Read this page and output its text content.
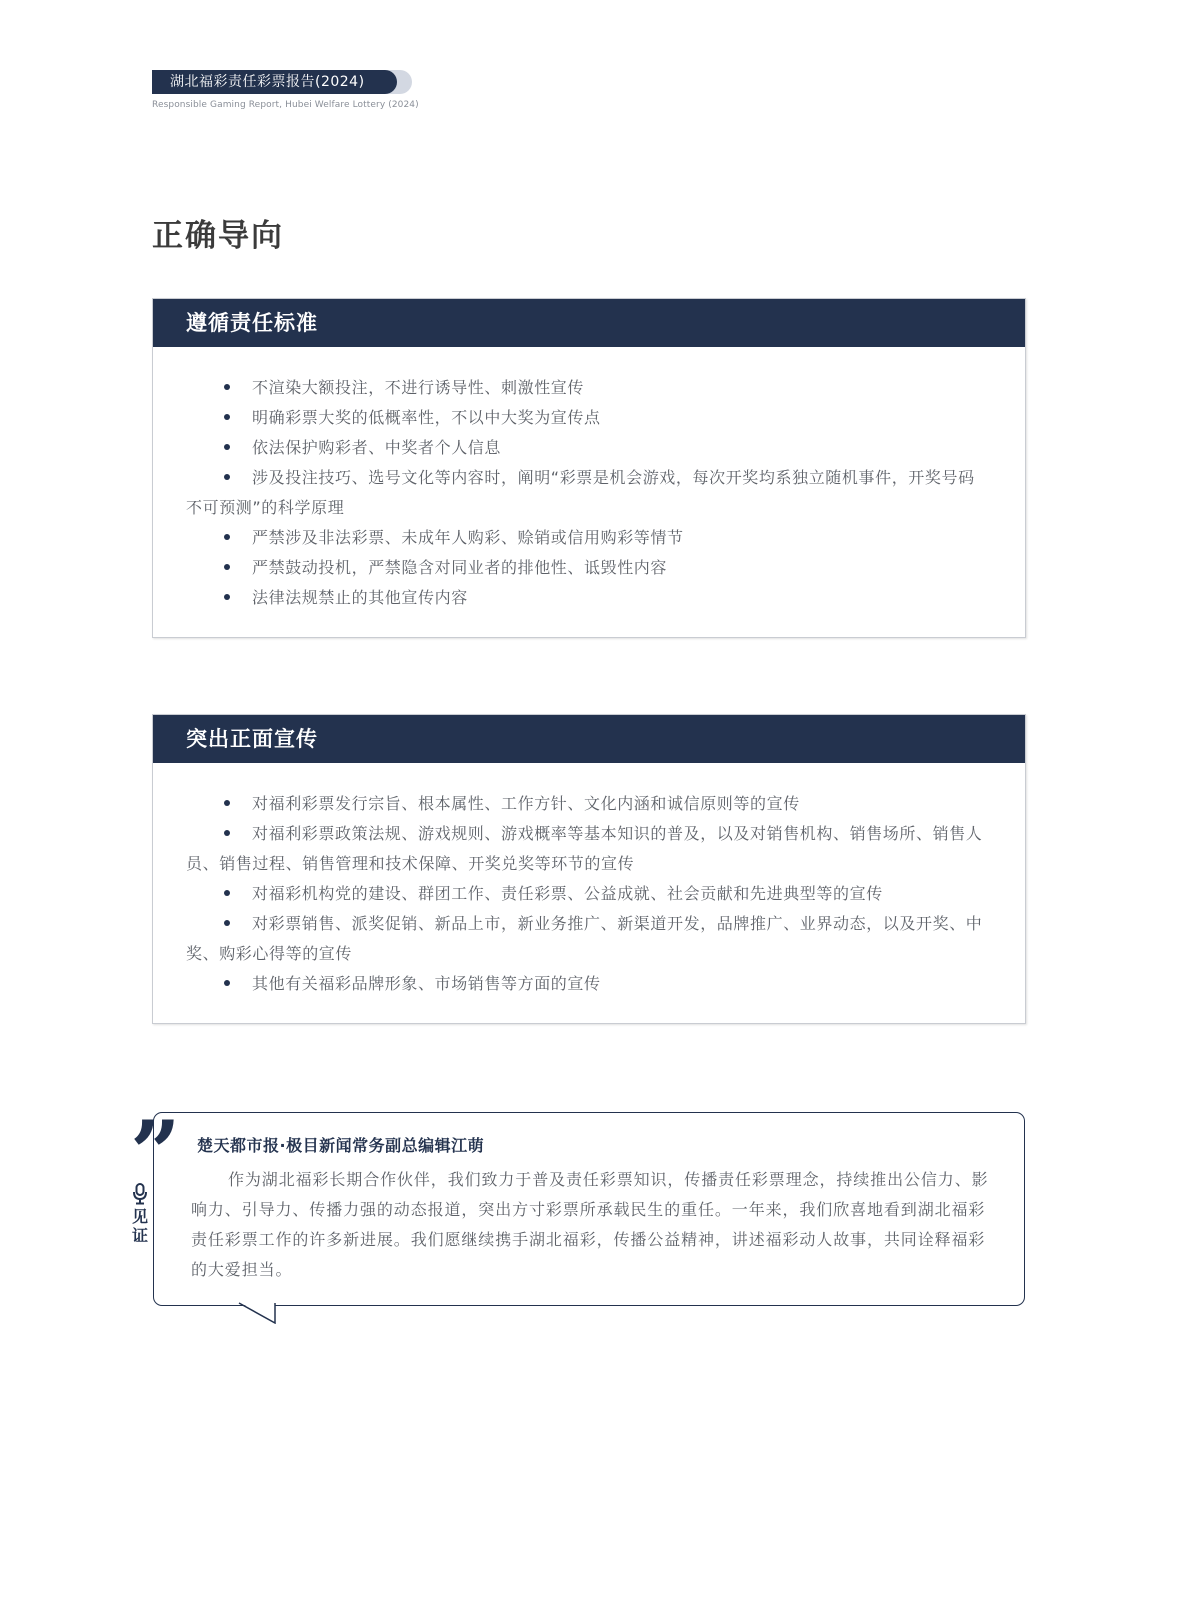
湖北福彩责任彩票报告(2024)
Responsible Gaming Report, Hubei Welfare Lottery (2024)
正确导向
遵循责任标准

不渲染大额投注，不进行诱导性、刺激性宣传

明确彩票大奖的低概率性，不以中大奖为宣传点

依法保护购彩者、中奖者个人信息

涉及投注技巧、选号文化等内容时，阐明“彩票是机会游戏，每次开奖均系独立随机事件，开奖号码不可预测”的科学原理

严禁涉及非法彩票、未成年人购彩、赊销或信用购彩等情节

严禁鼓动投机，严禁隐含对同业者的排他性、诋毁性内容

法律法规禁止的其他宣传内容

突出正面宣传

对福利彩票发行宗旨、根本属性、工作方针、文化内涵和诚信原则等的宣传

对福利彩票政策法规、游戏规则、游戏概率等基本知识的普及，以及对销售机构、销售场所、销售人员、销售过程、销售管理和技术保障、开奖兑奖等环节的宣传

对福彩机构党的建设、群团工作、责任彩票、公益成就、社会贡献和先进典型等的宣传

对彩票销售、派奖促销、新品上市，新业务推广、新渠道开发，品牌推广、业界动态，以及开奖、中奖、购彩心得等的宣传

其他有关福彩品牌形象、市场销售等方面的宣传

楚天都市报·极目新闻常务副总编辑江萌
作为湖北福彩长期合作伙伴，我们致力于普及责任彩票知识，传播责任彩票理念，持续推出公信力、影响力、引导力、传播力强的动态报道，突出方寸彩票所承载民生的重任。一年来，我们欣喜地看到湖北福彩责任彩票工作的许多新进展。我们愿继续携手湖北福彩，传播公益精神，讲述福彩动人故事，共同诠释福彩的大爱担当。
”
见证
